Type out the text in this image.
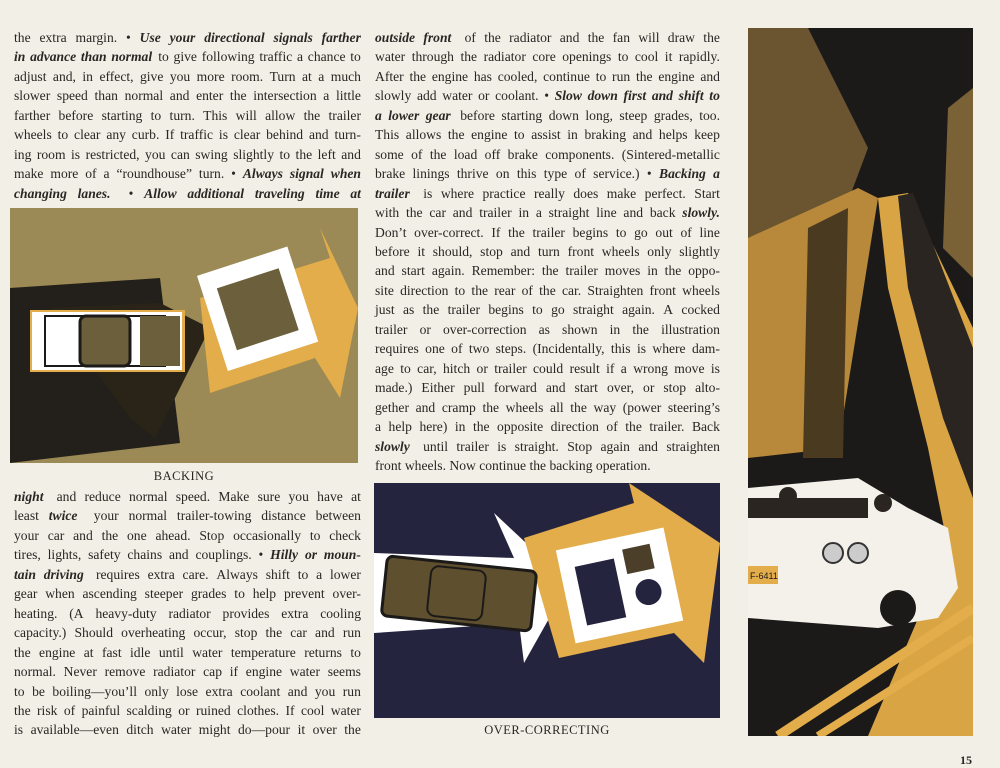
the extra margin. • Use your directional signals farther
in advance than normal
to give following traffic a chance to
adjust and, in effect, give you more room. Turn at a much
slower speed than normal and enter the intersection a little
farther before starting to turn. This will allow the trailer
wheels to clear any curb. If traffic is clear behind and turn-
ing room is restricted, you can swing slightly to the left and
make more of a “roundhouse” turn. • Always signal when
changing lanes.
• Allow additional traveling time at
BACKING
night
and reduce normal speed. Make sure you have at
least twice
your normal trailer-towing distance between
your car and the one ahead. Stop occasionally to check
tires, lights, safety chains and couplings. • Hilly or moun-
tain driving
requires extra care. Always shift to a lower
gear when ascending steeper grades to help prevent over-
heating. (A heavy-duty radiator provides extra cooling
capacity.) Should overheating occur, stop the car and run
the engine at fast idle until water temperature returns to
normal. Never remove radiator cap if engine water seems
to be boiling—you’ll only lose extra coolant and you run
the risk of painful scalding or ruined clothes. If cool water
is available—even ditch water might do—pour it over the
outside front
of the radiator and the fan will draw the
water through the radiator core openings to cool it rapidly.
After the engine has cooled, continue to run the engine and
slowly add water or coolant. • Slow down first and shift to
a lower gear
before starting down long, steep grades, too.
This allows the engine to assist in braking and helps keep
some of the load off brake components. (Sintered-metallic
brake linings thrive on this type of service.) • Backing a
trailer
is where practice really does make perfect. Start
with the car and trailer in a straight line and back slowly.
Don’t over-correct. If the trailer begins to go out of line
before it should, stop and turn front wheels only slightly
and start again. Remember: the trailer moves in the oppo-
site direction to the rear of the car. Straighten front wheels
just as the trailer begins to go straight again. A cocked
trailer or over-correction as shown in the illustration
requires one of two steps. (Incidentally, this is where dam-
age to car, hitch or trailer could result if a wrong move is
made.) Either pull forward and start over, or stop alto-
gether and cramp the wheels all the way (power steering’s
a help here) in the opposite direction of the trailer. Back
slowly
until trailer is straight. Stop again and straighten
front wheels. Now continue the backing operation.
OVER-CORRECTING
F-6411
15
